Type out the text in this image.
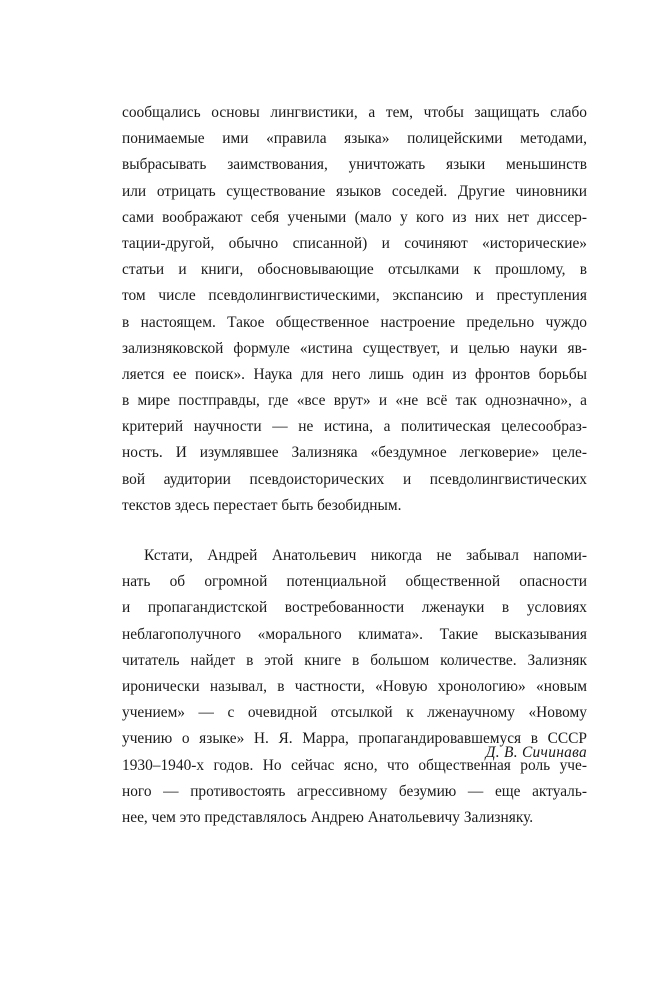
сообщались основы лингвистики, а тем, чтобы защищать слабо
понимаемые ими «правила языка» полицейскими методами,
выбрасывать заимствования, уничтожать языки меньшинств
или отрицать существование языков соседей. Другие чиновники
сами воображают себя учеными (мало у кого из них нет диссер-
тации-другой, обычно списанной) и сочиняют «исторические»
статьи и книги, обосновывающие отсылками к прошлому, в
том числе псевдолингвистическими, экспансию и преступления
в настоящем. Такое общественное настроение предельно чуждо
зализняковской формуле «истина существует, и целью науки яв-
ляется ее поиск». Наука для него лишь один из фронтов борьбы
в мире постправды, где «все врут» и «не всё так однозначно», а
критерий научности — не истина, а политическая целесообраз-
ность. И изумлявшее Зализняка «бездумное легковерие» целе-
вой аудитории псевдоисторических и псевдолингвистических
текстов здесь перестает быть безобидным.
Кстати, Андрей Анатольевич никогда не забывал напоми-
нать об огромной потенциальной общественной опасности
и пропагандистской востребованности лженауки в условиях
неблагополучного «морального климата». Такие высказывания
читатель найдет в этой книге в большом количестве. Зализняк
иронически называл, в частности, «Новую хронологию» «новым
учением» — с очевидной отсылкой к лженаучному «Новому
учению о языке» Н. Я. Марра, пропагандировавшемуся в СССР
1930–1940-х годов. Но сейчас ясно, что общественная роль уче-
ного — противостоять агрессивному безумию — еще актуаль-
нее, чем это представлялось Андрею Анатольевичу Зализняку.
Д. В. Сичинава
